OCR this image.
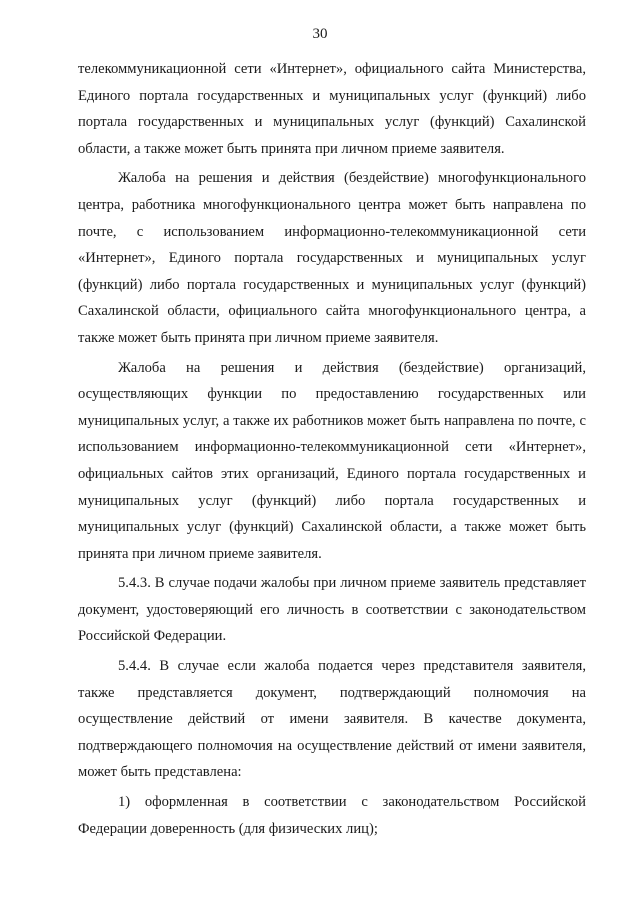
30

телекоммуникационной сети «Интернет», официального сайта Министерства, Единого портала государственных и муниципальных услуг (функций) либо портала государственных и муниципальных услуг (функций) Сахалинской области, а также может быть принята при личном приеме заявителя.

Жалоба на решения и действия (бездействие) многофункционального центра, работника многофункционального центра может быть направлена по почте, с использованием информационно-телекоммуникационной сети «Интернет», Единого портала государственных и муниципальных услуг (функций) либо портала государственных и муниципальных услуг (функций) Сахалинской области, официального сайта многофункционального центра, а также может быть принята при личном приеме заявителя.

Жалоба на решения и действия (бездействие) организаций, осуществляющих функции по предоставлению государственных или муниципальных услуг, а также их работников может быть направлена по почте, с использованием информационно-телекоммуникационной сети «Интернет», официальных сайтов этих организаций, Единого портала государственных и муниципальных услуг (функций) либо портала государственных и муниципальных услуг (функций) Сахалинской области, а также может быть принята при личном приеме заявителя.

5.4.3. В случае подачи жалобы при личном приеме заявитель представляет документ, удостоверяющий его личность в соответствии с законодательством Российской Федерации.

5.4.4. В случае если жалоба подается через представителя заявителя, также представляется документ, подтверждающий полномочия на осуществление действий от имени заявителя. В качестве документа, подтверждающего полномочия на осуществление действий от имени заявителя, может быть представлена:

1) оформленная в соответствии с законодательством Российской Федерации доверенность (для физических лиц);
